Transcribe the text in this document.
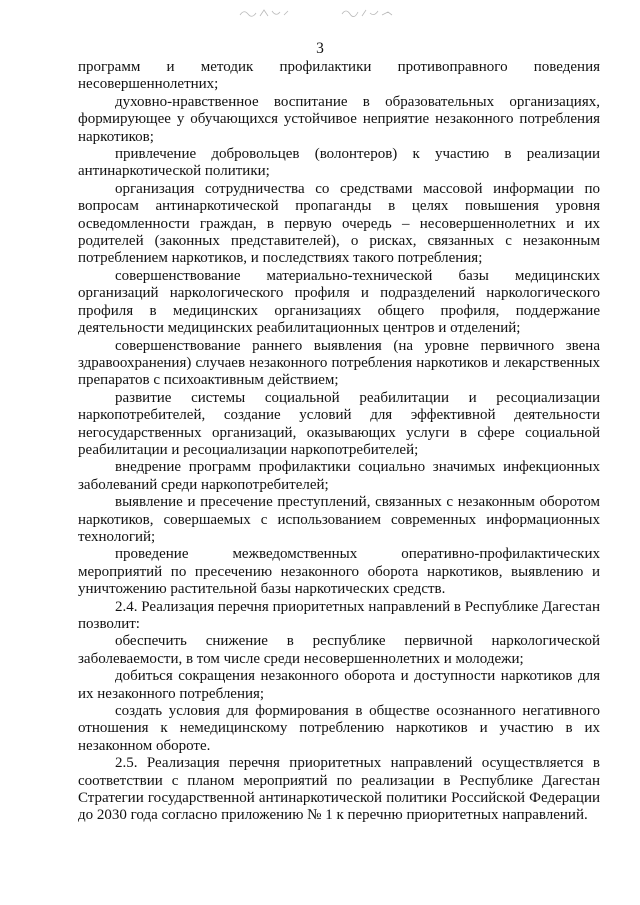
3

программ и методик профилактики противоправного поведения несовершеннолетних;

духовно-нравственное воспитание в образовательных организациях, формирующее у обучающихся устойчивое неприятие незаконного потребления наркотиков;

привлечение добровольцев (волонтеров) к участию в реализации антинаркотической политики;

организация сотрудничества со средствами массовой информации по вопросам антинаркотической пропаганды в целях повышения уровня осведомленности граждан, в первую очередь – несовершеннолетних и их родителей (законных представителей), о рисках, связанных с незаконным потреблением наркотиков, и последствиях такого потребления;

совершенствование материально-технической базы медицинских организаций наркологического профиля и подразделений наркологического профиля в медицинских организациях общего профиля, поддержание деятельности медицинских реабилитационных центров и отделений;

совершенствование раннего выявления (на уровне первичного звена здравоохранения) случаев незаконного потребления наркотиков и лекарственных препаратов с психоактивным действием;

развитие системы социальной реабилитации и ресоциализации наркопотребителей, создание условий для эффективной деятельности негосударственных организаций, оказывающих услуги в сфере социальной реабилитации и ресоциализации наркопотребителей;

внедрение программ профилактики социально значимых инфекционных заболеваний среди наркопотребителей;

выявление и пресечение преступлений, связанных с незаконным оборотом наркотиков, совершаемых с использованием современных информационных технологий;

проведение межведомственных оперативно-профилактических мероприятий по пресечению незаконного оборота наркотиков, выявлению и уничтожению растительной базы наркотических средств.

2.4. Реализация перечня приоритетных направлений в Республике Дагестан позволит:

обеспечить снижение в республике первичной наркологической заболеваемости, в том числе среди несовершеннолетних и молодежи;

добиться сокращения незаконного оборота и доступности наркотиков для их незаконного потребления;

создать условия для формирования в обществе осознанного негативного отношения к немедицинскому потреблению наркотиков и участию в их незаконном обороте.

2.5. Реализация перечня приоритетных направлений осуществляется в соответствии с планом мероприятий по реализации в Республике Дагестан Стратегии государственной антинаркотической политики Российской Федерации до 2030 года согласно приложению № 1 к перечню приоритетных направлений.
